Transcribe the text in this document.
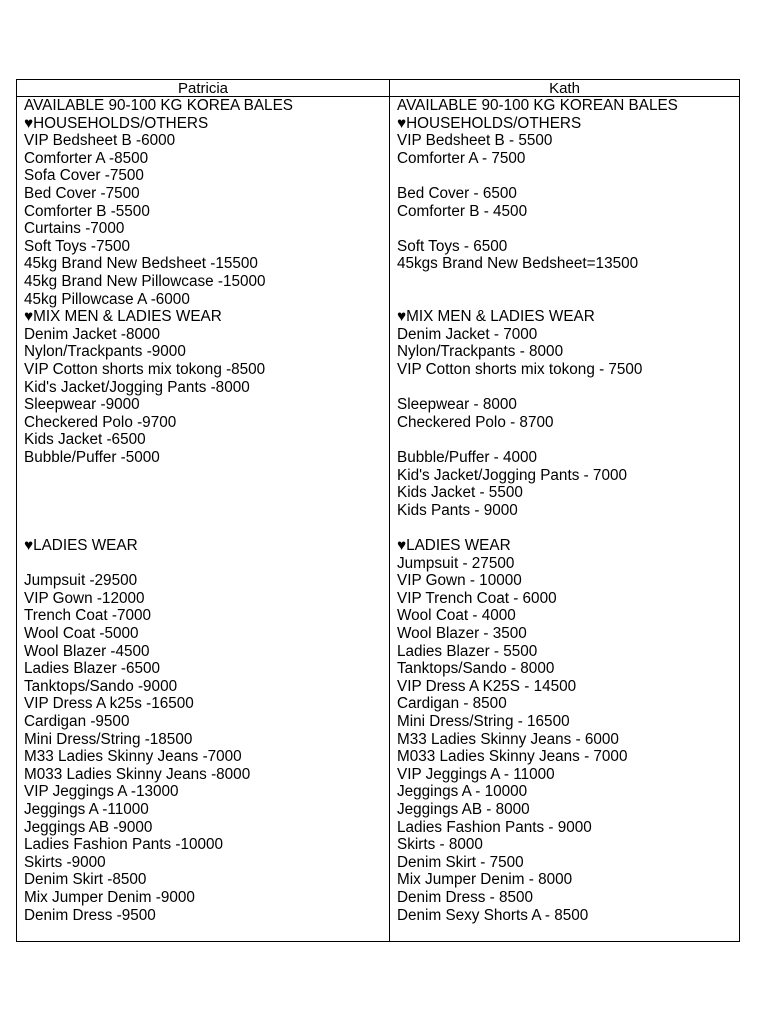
Patricia	Kath
AVAILABLE 90-100 KG KOREA BALES
♥HOUSEHOLDS/OTHERS
VIP Bedsheet B -6000
Comforter A -8500
Sofa Cover -7500
Bed Cover -7500
Comforter B -5500
Curtains -7000
Soft Toys -7500
45kg Brand New Bedsheet -15500
45kg Brand New Pillowcase -15000
45kg Pillowcase A -6000
♥MIX MEN & LADIES WEAR
Denim Jacket -8000
Nylon/Trackpants -9000
VIP Cotton shorts mix tokong -8500
Kid's Jacket/Jogging Pants -8000
Sleepwear -9000
Checkered Polo -9700
Kids Jacket -6500
Bubble/Puffer -5000
♥LADIES WEAR
Jumpsuit -29500
VIP Gown -12000
Trench Coat -7000
Wool Coat -5000
Wool Blazer -4500
Ladies Blazer -6500
Tanktops/Sando -9000
VIP Dress A k25s -16500
Cardigan -9500
Mini Dress/String -18500
M33 Ladies Skinny Jeans -7000
M033 Ladies Skinny Jeans -8000
VIP Jeggings A -13000
Jeggings A -11000
Jeggings AB -9000
Ladies Fashion Pants -10000
Skirts -9000
Denim Skirt -8500
Mix Jumper Denim -9000
Denim Dress -9500
AVAILABLE 90-100 KG KOREAN BALES
♥HOUSEHOLDS/OTHERS
VIP Bedsheet B - 5500
Comforter A - 7500
Bed Cover - 6500
Comforter B - 4500
Soft Toys - 6500
45kgs Brand New Bedsheet=13500
♥MIX MEN & LADIES WEAR
Denim Jacket - 7000
Nylon/Trackpants - 8000
VIP Cotton shorts mix tokong - 7500
Sleepwear - 8000
Checkered Polo - 8700
Bubble/Puffer - 4000
Kid's Jacket/Jogging Pants - 7000
Kids Jacket - 5500
Kids Pants - 9000
♥LADIES WEAR
Jumpsuit - 27500
VIP Gown - 10000
VIP Trench Coat - 6000
Wool Coat - 4000
Wool Blazer - 3500
Ladies Blazer - 5500
Tanktops/Sando - 8000
VIP Dress A K25S - 14500
Cardigan - 8500
Mini Dress/String - 16500
M33 Ladies Skinny Jeans - 6000
M033 Ladies Skinny Jeans - 7000
VIP Jeggings A - 11000
Jeggings A - 10000
Jeggings AB - 8000
Ladies Fashion Pants - 9000
Skirts - 8000
Denim Skirt - 7500
Mix Jumper Denim - 8000
Denim Dress - 8500
Denim Sexy Shorts A - 8500
